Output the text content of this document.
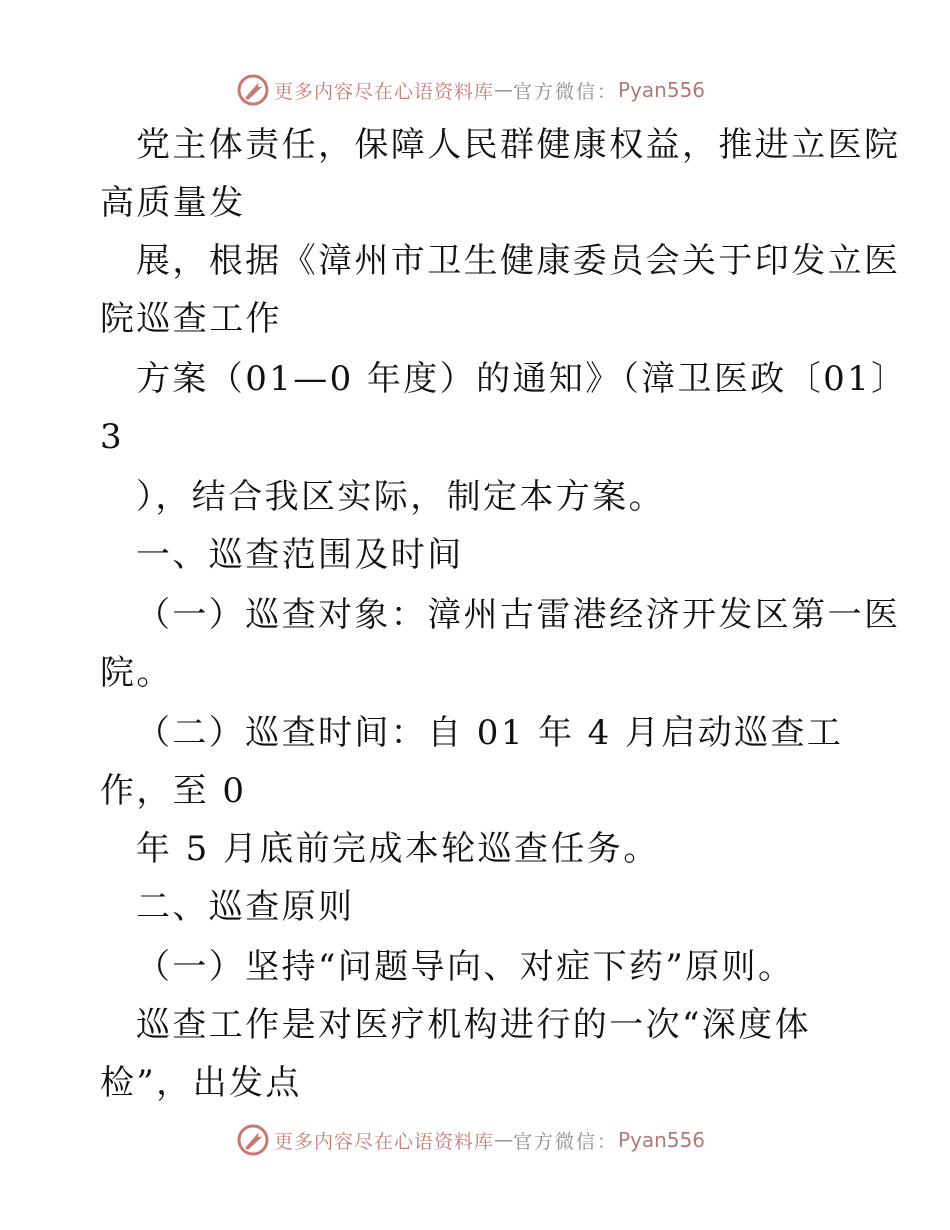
更多内容尽在心语资料库 — 官方微信： Pyan556
党主体责任，保障人民群健康权益，推进立医院
高质量发
展，根据《漳州市卫生健康委员会关于印发立医
院巡查工作
方案（01—0 年度）的通知》（漳卫医政〔01〕
3
），结合我区实际，制定本方案。
一、巡查范围及时间
（一）巡查对象：漳州古雷港经济开发区第一医
院。
（二）巡查时间：自 01 年 4 月启动巡查工
作，至 0
年 5 月底前完成本轮巡查任务。
二、巡查原则
（一）坚持“问题导向、对症下药”原则。
巡查工作是对医疗机构进行的一次“深度体
检”，出发点
更多内容尽在心语资料库 — 官方微信： Pyan556
